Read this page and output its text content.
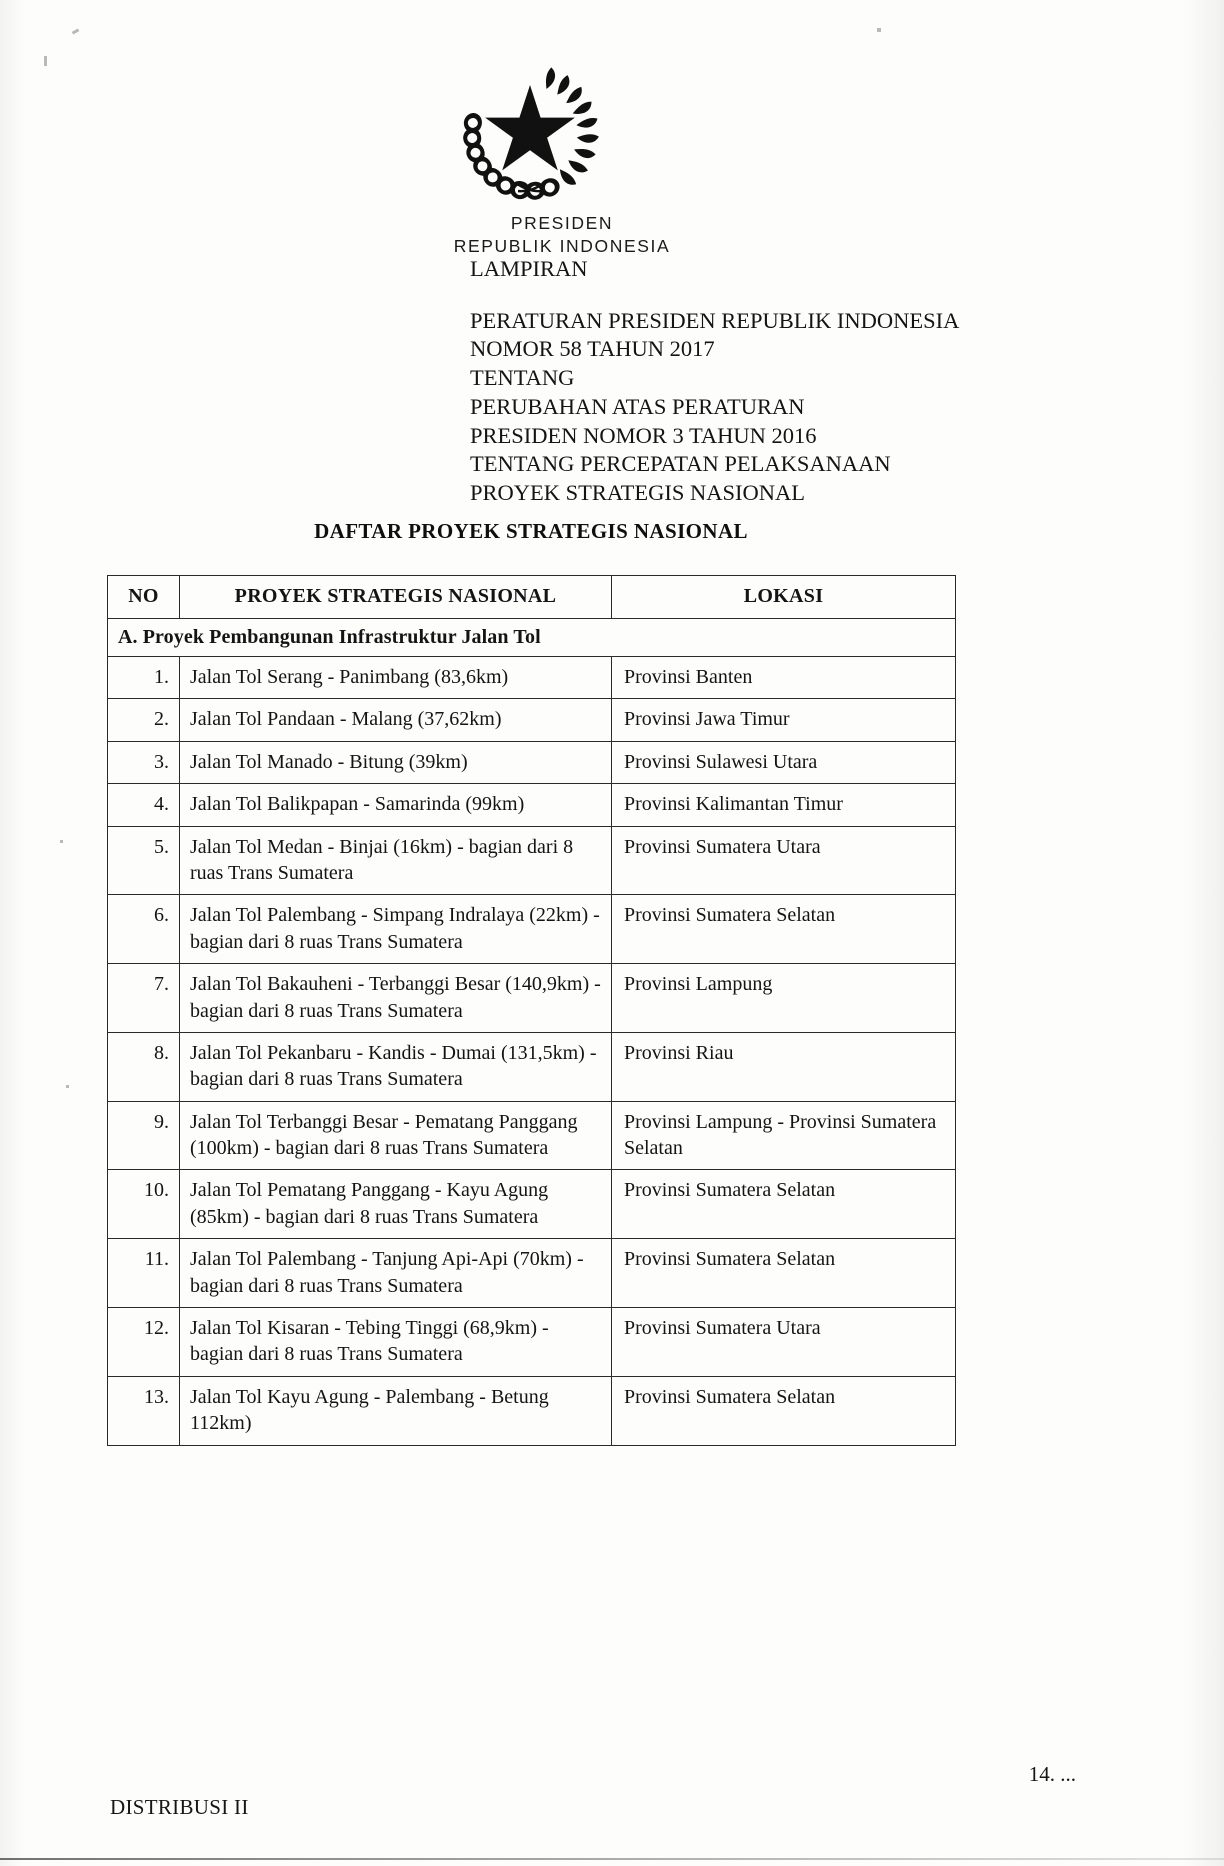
PRESIDEN
REPUBLIK INDONESIA
LAMPIRAN
PERATURAN PRESIDEN REPUBLIK INDONESIA
NOMOR 58 TAHUN 2017
TENTANG
PERUBAHAN ATAS PERATURAN
PRESIDEN NOMOR 3 TAHUN 2016
TENTANG PERCEPATAN PELAKSANAAN
PROYEK STRATEGIS NASIONAL
DAFTAR PROYEK STRATEGIS NASIONAL
NO	PROYEK STRATEGIS NASIONAL	LOKASI
A. Proyek Pembangunan Infrastruktur Jalan Tol		
1.	Jalan Tol Serang - Panimbang (83,6km)	Provinsi Banten
2.	Jalan Tol Pandaan - Malang (37,62km)	Provinsi Jawa Timur
3.	Jalan Tol Manado - Bitung (39km)	Provinsi Sulawesi Utara
4.	Jalan Tol Balikpapan - Samarinda (99km)	Provinsi Kalimantan Timur
5.	Jalan Tol Medan - Binjai (16km) - bagian dari 8 ruas Trans Sumatera	Provinsi Sumatera Utara
6.	Jalan Tol Palembang - Simpang Indralaya (22km) - bagian dari 8 ruas Trans Sumatera	Provinsi Sumatera Selatan
7.	Jalan Tol Bakauheni - Terbanggi Besar (140,9km) - bagian dari 8 ruas Trans Sumatera	Provinsi Lampung
8.	Jalan Tol Pekanbaru - Kandis - Dumai (131,5km) - bagian dari 8 ruas Trans Sumatera	Provinsi Riau
9.	Jalan Tol Terbanggi Besar - Pematang Panggang (100km) - bagian dari 8 ruas Trans Sumatera	Provinsi Lampung - Provinsi Sumatera Selatan
10.	Jalan Tol Pematang Panggang - Kayu Agung (85km) - bagian dari 8 ruas Trans Sumatera	Provinsi Sumatera Selatan
11.	Jalan Tol Palembang - Tanjung Api-Api (70km) - bagian dari 8 ruas Trans Sumatera	Provinsi Sumatera Selatan
12.	Jalan Tol Kisaran - Tebing Tinggi (68,9km) - bagian dari 8 ruas Trans Sumatera	Provinsi Sumatera Utara
13.	Jalan Tol Kayu Agung - Palembang - Betung 112km)	Provinsi Sumatera Selatan
14. ...
DISTRIBUSI II
